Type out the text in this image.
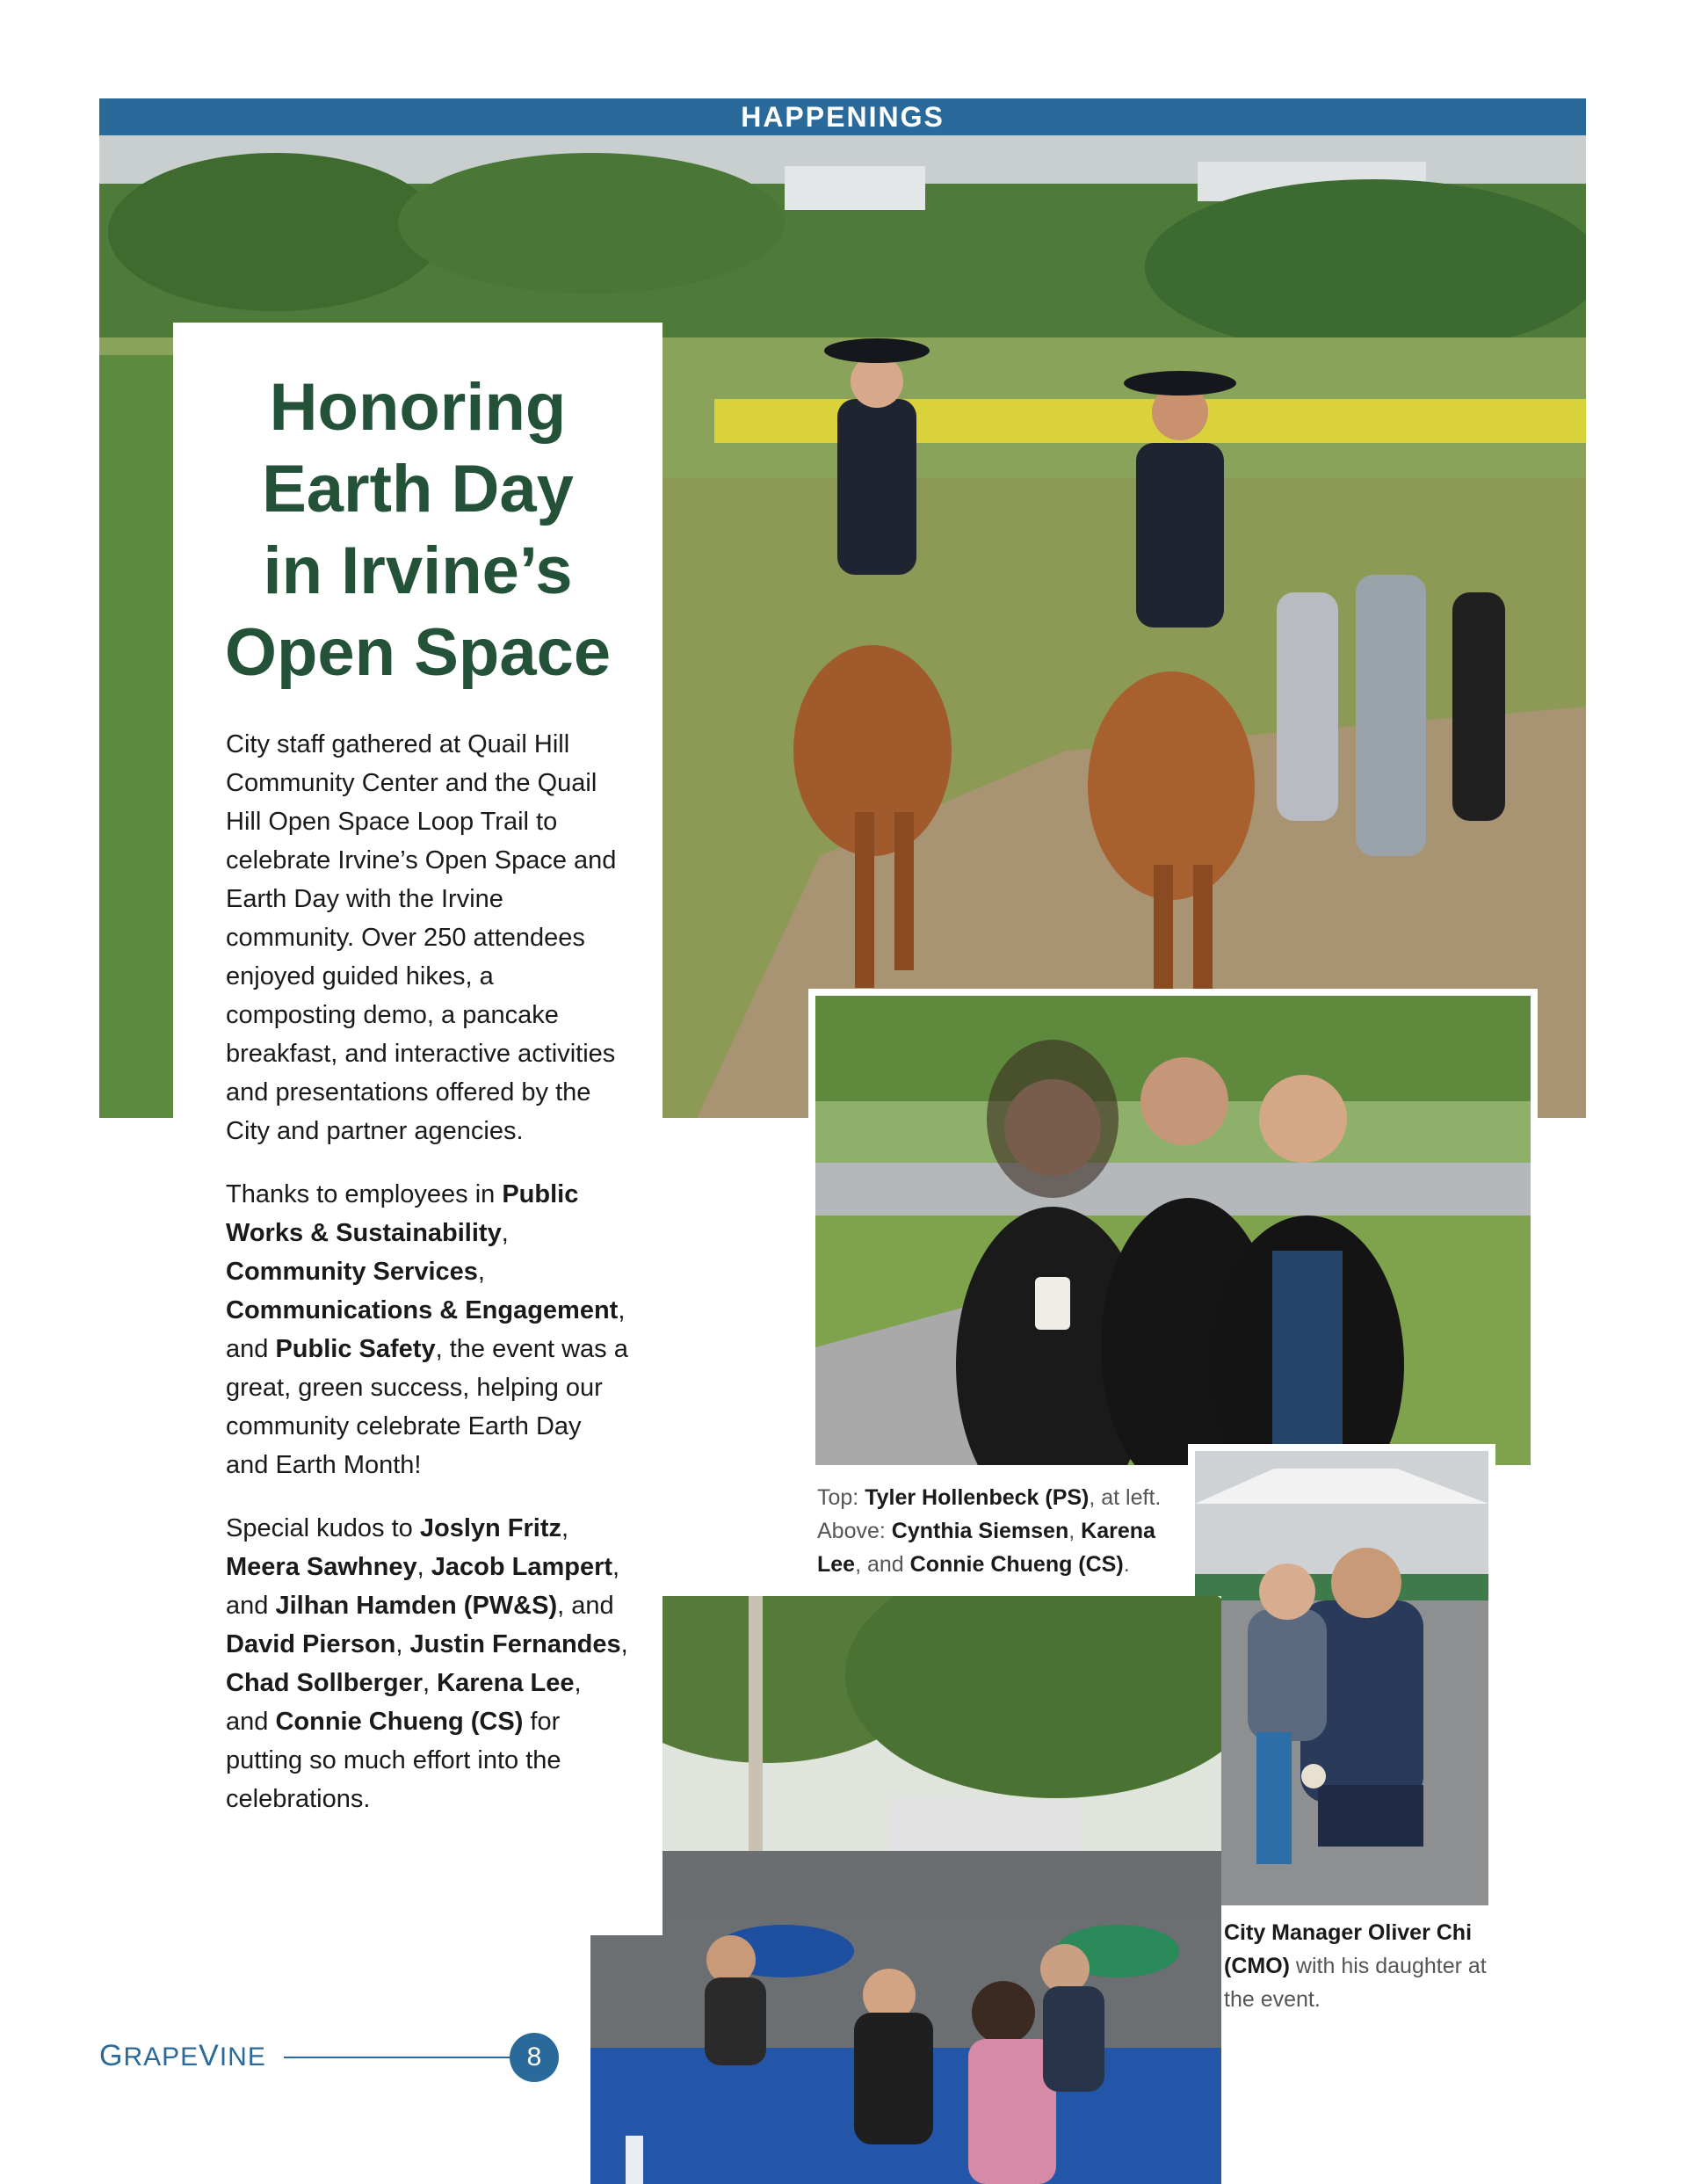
HAPPENINGS
Honoring
Earth Day
in Irvine’s
Open Space

City staff gathered at Quail Hill Community Center and the Quail Hill Open Space Loop Trail to celebrate Irvine’s Open Space and Earth Day with the Irvine community. Over 250 attendees enjoyed guided hikes, a composting demo, a pancake breakfast, and interactive activities and presentations offered by the City and partner agencies.

Thanks to employees in Public Works & Sustainability, Community Services, Communications & Engagement, and Public Safety, the event was a great, green success, helping our community celebrate Earth Day and Earth Month!

Special kudos to Joslyn Fritz, Meera Sawhney, Jacob Lampert, and Jilhan Hamden (PW&S), and David Pierson, Justin Fernandes, Chad Sollberger, Karena Lee, and Connie Chueng (CS) for putting so much effort into the celebrations.

Top: Tyler Hollenbeck (PS), at left.
Above: Cynthia Siemsen, Karena Lee, and Connie Chueng (CS).
City Manager Oliver Chi (CMO) with his daughter at the event.
GRAPEVINE	8
